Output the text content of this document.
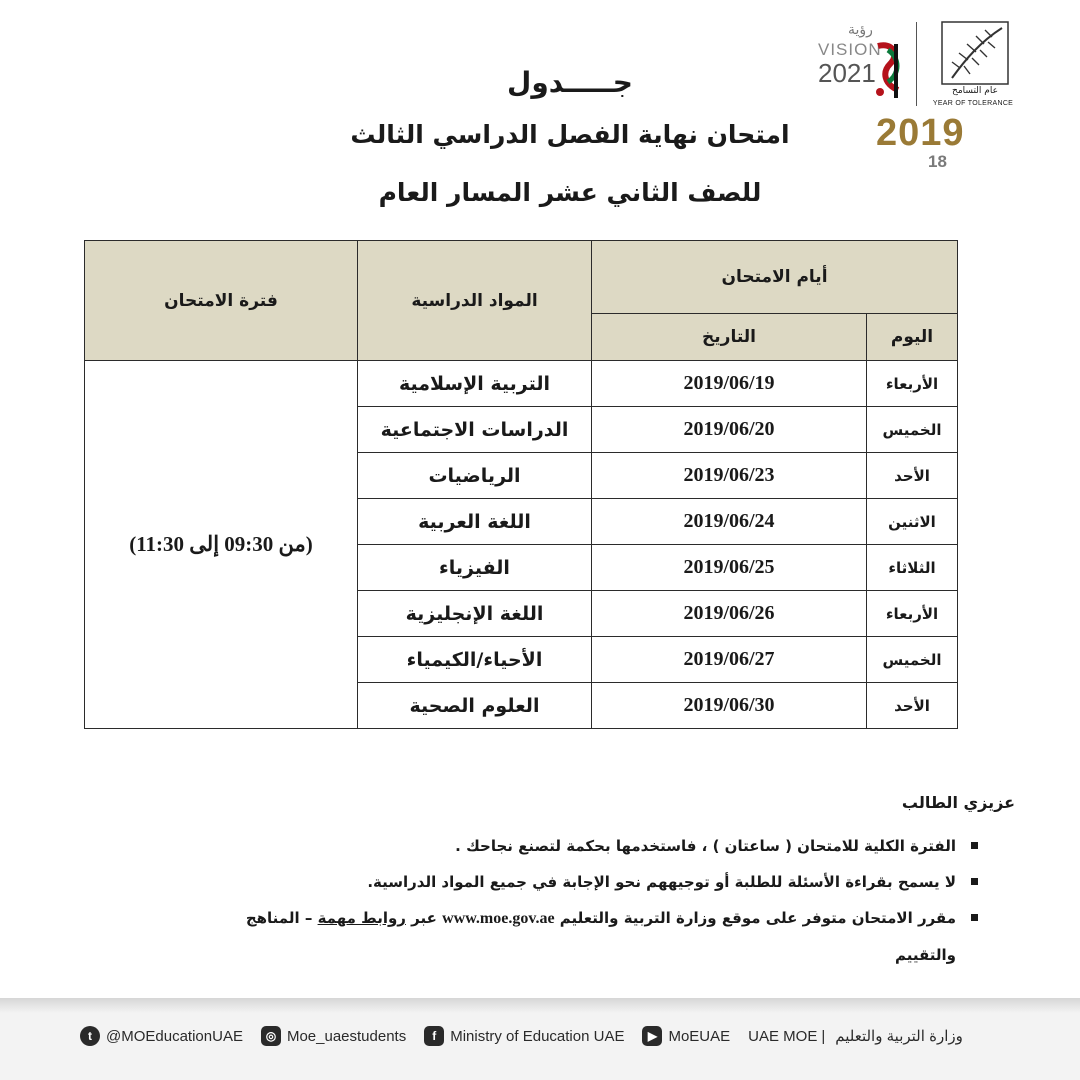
عام التسامح
YEAR OF TOLERANCE
رؤية
VISION
2021
2019
18
جـــــدول
امتحان نهاية الفصل الدراسي الثالث
للصف الثاني عشر المسار العام
أيام الامتحان		المواد الدراسية	فترة الامتحان
اليوم	التاريخ		
الأربعاء	2019/06/19	التربية الإسلامية	(من 09:30 إلى 11:30)
الخميس	2019/06/20	الدراسات الاجتماعية	
الأحد	2019/06/23	الرياضيات	
الاثنين	2019/06/24	اللغة العربية	
الثلاثاء	2019/06/25	الفيزياء	
الأربعاء	2019/06/26	اللغة الإنجليزية	
الخميس	2019/06/27	الأحياء/الكيمياء	
الأحد	2019/06/30	العلوم الصحية	
عزيزي الطالب
الفترة الكلية للامتحان ( ساعتان ) ، فاستخدمها بحكمة لتصنع نجاحك .
لا يسمح بقراءة الأسئلة للطلبة أو توجيههم نحو الإجابة في جميع المواد الدراسية.
مقرر الامتحان متوفر على موقع وزارة التربية والتعليم www.moe.gov.ae عبر روابط مهمة – المناهج والتقييم
t @MOEducationUAE	◎ Moe_uaestudents	f Ministry of Education UAE	▶ MoEUAE UAE MOE | وزارة التربية والتعليم
